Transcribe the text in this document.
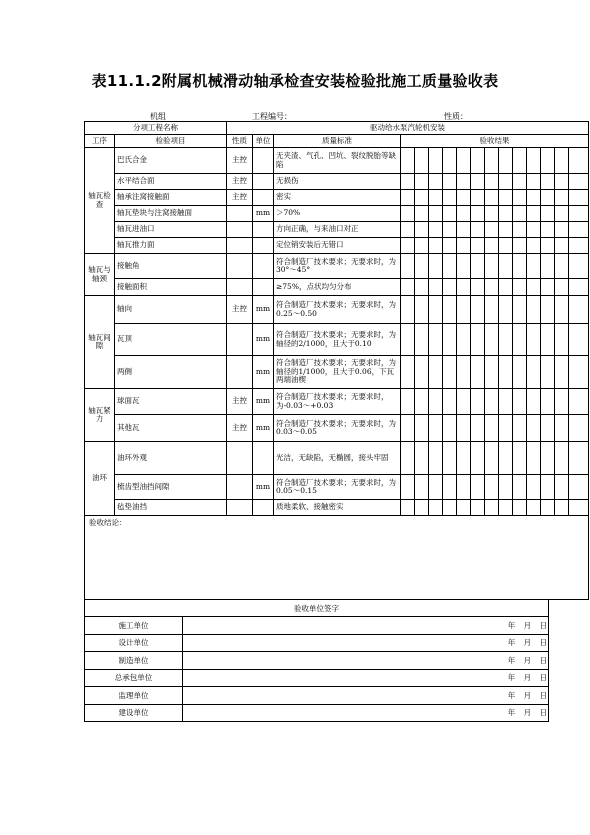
表11.1.2附属机械滑动轴承检查安装检验批施工质量验收表
机组	工程编号：	性质：
分项工程名称		驱动给水泵汽轮机安装															
工序	检验项目	性质	单位	质量标准	验收结果												
轴瓦检查	巴氏合金	主控		无夹渣、气孔、凹坑、裂纹脱胎等缺陷													
	水平结合面	主控		无损伤													
	轴承注窝接触面	主控		密实													
	轴瓦垫块与注窝接触面		mm	＞70%													
	轴瓦进油口			方向正确，与来油口对正													
	轴瓦推力面			定位销安装后无错口													
轴瓦与轴颈	接触角			符合制造厂技术要求；无要求时，为30°～45°													
	接触面积			≥75%，点状均匀分布													
轴瓦间隙	轴向	主控	mm	符合制造厂技术要求；无要求时，为0.25～0.50													
	瓦顶		mm	符合制造厂技术要求；无要求时，为轴径的2/1000，且大于0.10													
	两侧		mm	符合制造厂技术要求；无要求时，为轴径的1/1000，且大于0.06，下瓦两端油楔													
轴瓦紧力	球面瓦	主控	mm	符合制造厂技术要求；无要求时，为-0.03～+0.03													
	其他瓦	主控	mm	符合制造厂技术要求；无要求时，为0.03～0.05													
油环	油环外观			光洁，无缺陷，无椭圆，接头牢固													
	梳齿型油挡间隙		mm	符合制造厂技术要求；无要求时，为0.05～0.15													
	毡垫油挡			质地柔软、接触密实													
验收结论：																	
验收单位签字	
施工单位	年 月 日
设计单位	年 月 日
制造单位	年 月 日
总承包单位	年 月 日
监理单位	年 月 日
建设单位	年 月 日
